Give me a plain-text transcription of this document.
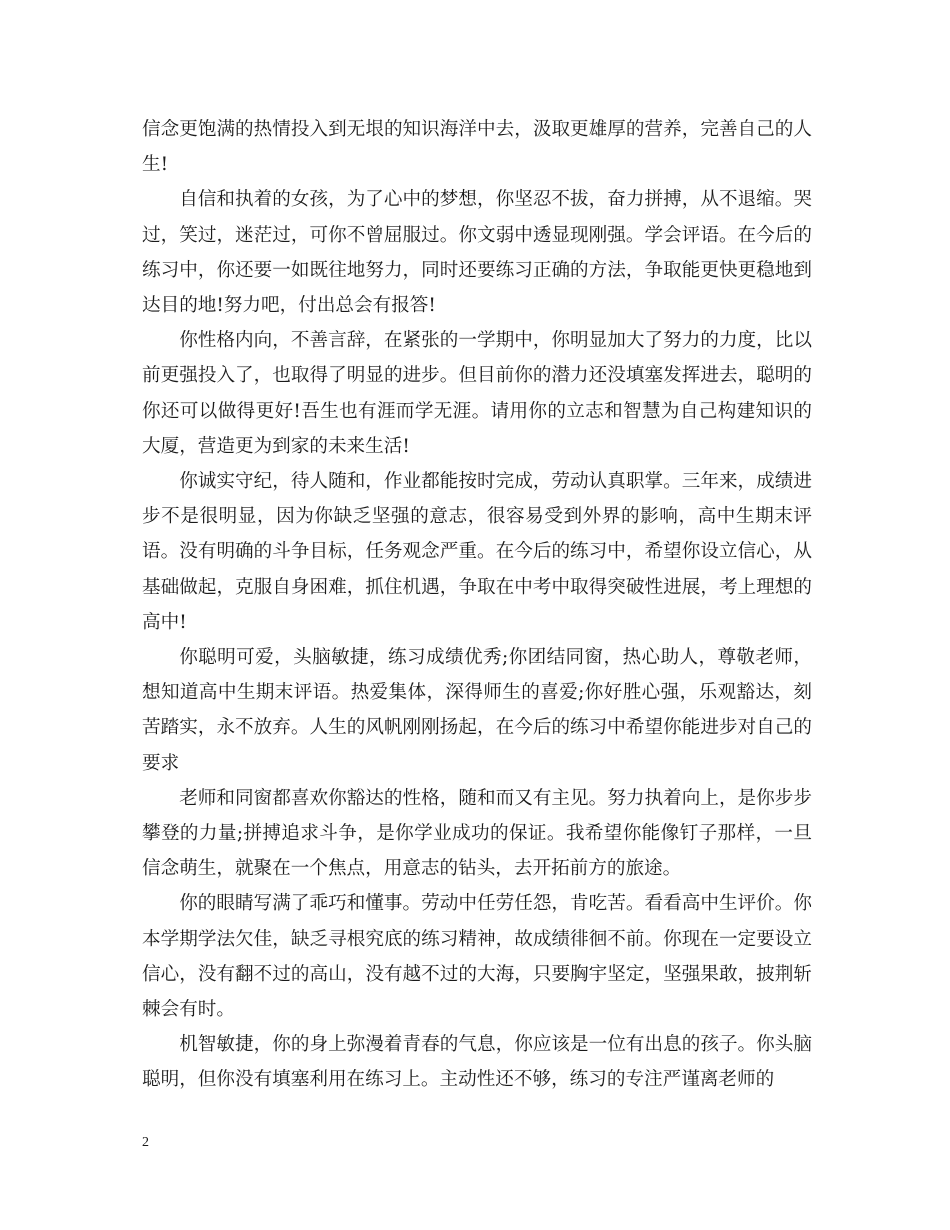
信念更饱满的热情投入到无垠的知识海洋中去，汲取更雄厚的营养，完善自己的人生!

自信和执着的女孩，为了心中的梦想，你坚忍不拔，奋力拼搏，从不退缩。哭过，笑过，迷茫过，可你不曾屈服过。你文弱中透显现刚强。学会评语。在今后的练习中，你还要一如既往地努力，同时还要练习正确的方法，争取能更快更稳地到达目的地!努力吧，付出总会有报答!

你性格内向，不善言辞，在紧张的一学期中，你明显加大了努力的力度，比以前更强投入了，也取得了明显的进步。但目前你的潜力还没填塞发挥进去，聪明的你还可以做得更好!吾生也有涯而学无涯。请用你的立志和智慧为自己构建知识的大厦，营造更为到家的未来生活!

你诚实守纪，待人随和，作业都能按时完成，劳动认真职掌。三年来，成绩进步不是很明显，因为你缺乏坚强的意志，很容易受到外界的影响，高中生期末评语。没有明确的斗争目标，任务观念严重。在今后的练习中，希望你设立信心，从基础做起，克服自身困难，抓住机遇，争取在中考中取得突破性进展，考上理想的高中!

你聪明可爱，头脑敏捷，练习成绩优秀;你团结同窗，热心助人，尊敬老师，想知道高中生期末评语。热爱集体，深得师生的喜爱;你好胜心强，乐观豁达，刻苦踏实，永不放弃。人生的风帆刚刚扬起，在今后的练习中希望你能进步对自己的要求

老师和同窗都喜欢你豁达的性格，随和而又有主见。努力执着向上，是你步步攀登的力量;拼搏追求斗争，是你学业成功的保证。我希望你能像钉子那样，一旦信念萌生，就聚在一个焦点，用意志的钻头，去开拓前方的旅途。

你的眼睛写满了乖巧和懂事。劳动中任劳任怨，肯吃苦。看看高中生评价。你本学期学法欠佳，缺乏寻根究底的练习精神，故成绩徘徊不前。你现在一定要设立信心，没有翻不过的高山，没有越不过的大海，只要胸宇坚定，坚强果敢，披荆斩棘会有时。

机智敏捷，你的身上弥漫着青春的气息，你应该是一位有出息的孩子。你头脑聪明，但你没有填塞利用在练习上。主动性还不够，练习的专注严谨离老师的

2
